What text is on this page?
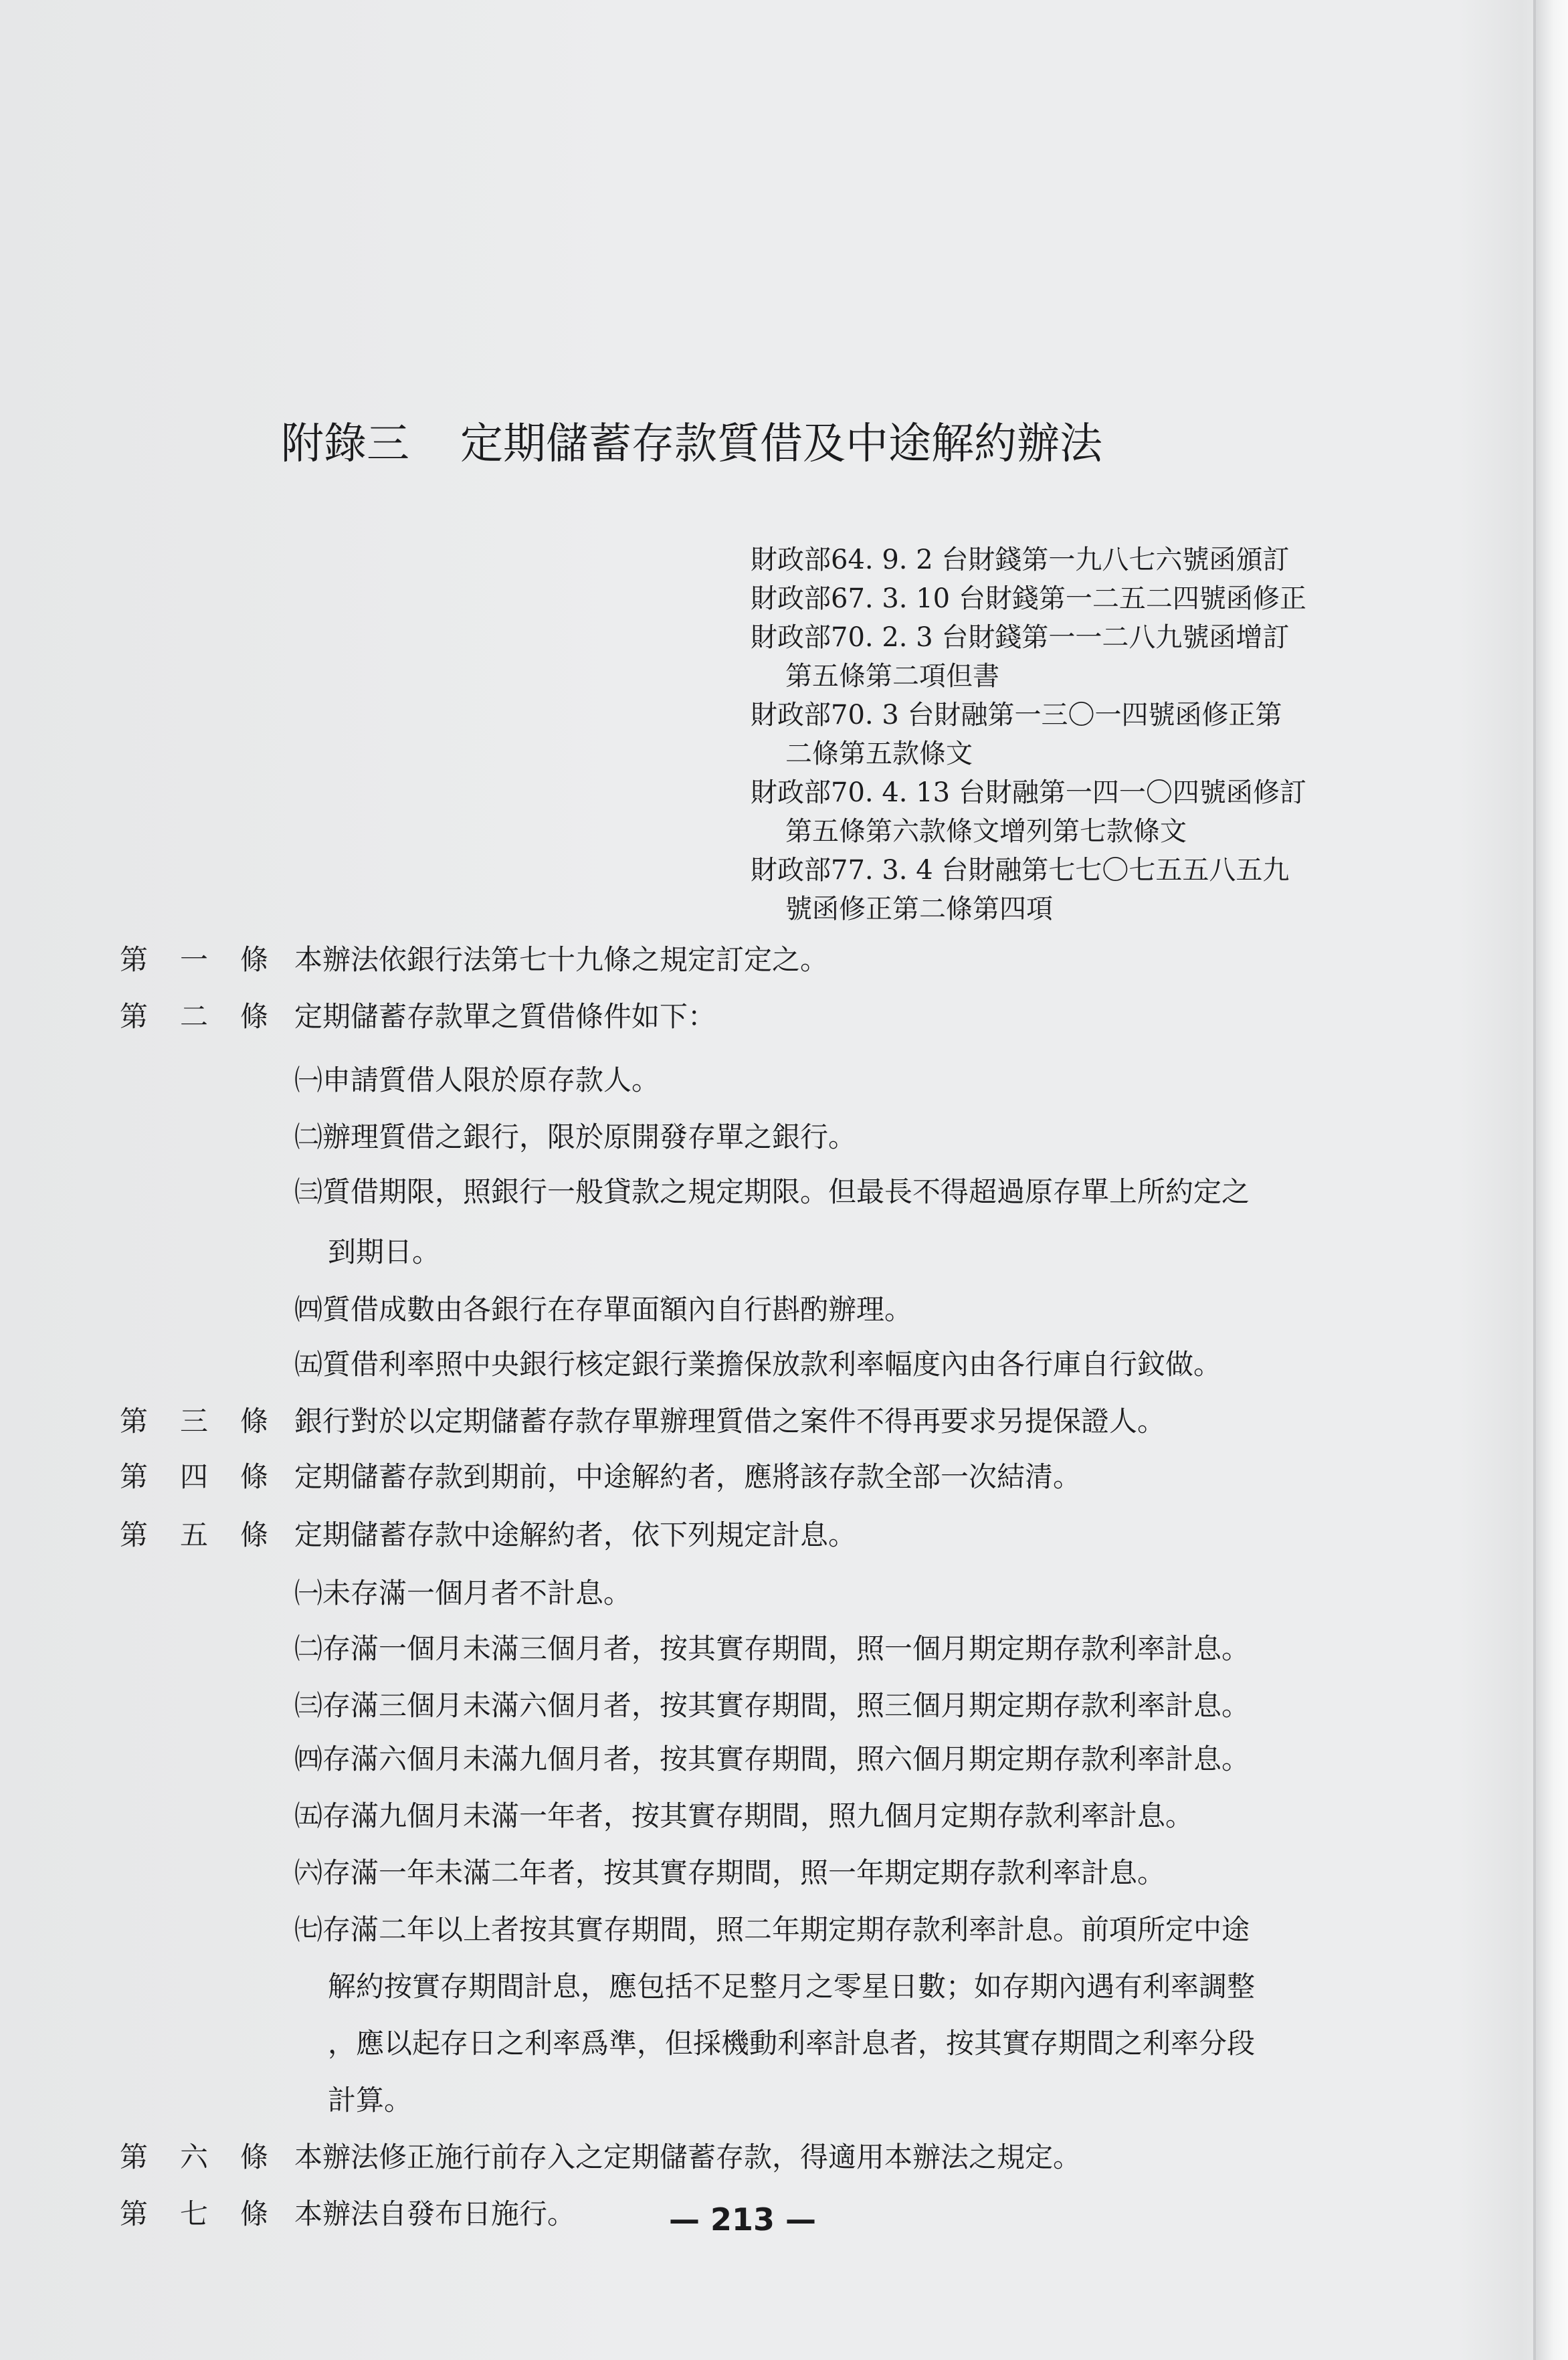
附錄三 定期儲蓄存款質借及中途解約辦法
財政部64. 9. 2 台財錢第一九八七六號函頒訂
財政部67. 3. 10 台財錢第一二五二四號函修正
財政部70. 2. 3 台財錢第一一二八九號函增訂
第五條第二項但書
財政部70. 3 台財融第一三〇一四號函修正第
二條第五款條文
財政部70. 4. 13 台財融第一四一〇四號函修訂
第五條第六款條文增列第七款條文
財政部77. 3. 4 台財融第七七〇七五五八五九
號函修正第二條第四項
第 一 條 本辦法依銀行法第七十九條之規定訂定之。
第 二 條 定期儲蓄存款單之質借條件如下：
㈠申請質借人限於原存款人。
㈡辦理質借之銀行，限於原開發存單之銀行。
㈢質借期限，照銀行一般貸款之規定期限。但最長不得超過原存單上所約定之
到期日。
㈣質借成數由各銀行在存單面額內自行斟酌辦理。
㈤質借利率照中央銀行核定銀行業擔保放款利率幅度內由各行庫自行鈫做。
第 三 條 銀行對於以定期儲蓄存款存單辦理質借之案件不得再要求另提保證人。
第 四 條 定期儲蓄存款到期前，中途解約者，應將該存款全部一次結清。
第 五 條 定期儲蓄存款中途解約者，依下列規定計息。
㈠未存滿一個月者不計息。
㈡存滿一個月未滿三個月者，按其實存期間，照一個月期定期存款利率計息。
㈢存滿三個月未滿六個月者，按其實存期間，照三個月期定期存款利率計息。
㈣存滿六個月未滿九個月者，按其實存期間，照六個月期定期存款利率計息。
㈤存滿九個月未滿一年者，按其實存期間，照九個月定期存款利率計息。
㈥存滿一年未滿二年者，按其實存期間，照一年期定期存款利率計息。
㈦存滿二年以上者按其實存期間，照二年期定期存款利率計息。前項所定中途
解約按實存期間計息，應包括不足整月之零星日數；如存期內遇有利率調整
，應以起存日之利率爲準，但採機動利率計息者，按其實存期間之利率分段
計算。
第 六 條 本辦法修正施行前存入之定期儲蓄存款，得適用本辦法之規定。
第 七 條 本辦法自發布日施行。	— 213 —
